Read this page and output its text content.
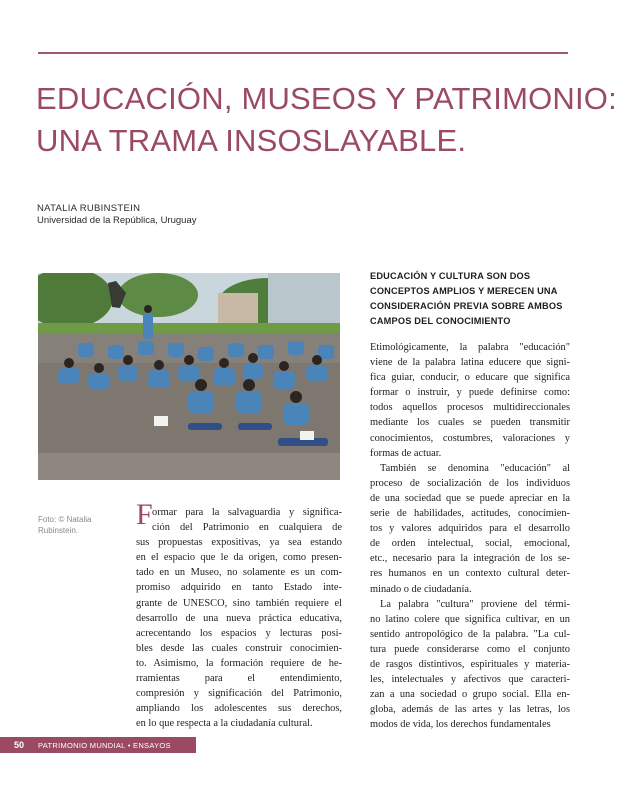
EDUCACIÓN, MUSEOS Y PATRIMONIO:
UNA TRAMA INSOSLAYABLE.
NATALIA RUBINSTEIN
Universidad de la República, Uruguay
Foto: © Natalia
Rubinstein.
EDUCACIÓN Y CULTURA SON DOS
CONCEPTOS AMPLIOS Y MERECEN UNA
CONSIDERACIÓN PREVIA SOBRE AMBOS
CAMPOS DEL CONOCIMIENTO
Etimológicamente, la palabra "educación"
viene de la palabra latina educere que signi-
fica guiar, conducir, o educare que significa
formar o instruir, y puede definirse como:
todos aquellos procesos multidireccionales
mediante los cuales se pueden transmitir
conocimientos, costumbres, valoraciones y
formas de actuar.
También se denomina "educación" al
proceso de socialización de los individuos
de una sociedad que se puede apreciar en la
serie de habilidades, actitudes, conocimien-
tos y valores adquiridos para el desarrollo
de orden intelectual, social, emocional,
etc., necesario para la integración de los se-
res humanos en un contexto cultural deter-
minado o de ciudadanía.
La palabra "cultura" proviene del térmi-
no latino colere que significa cultivar, en un
sentido antropológico de la palabra. "La cul-
tura puede considerarse como el conjunto
de rasgos distintivos, espirituales y materia-
les, intelectuales y afectivos que caracteri-
zan a una sociedad o grupo social. Ella en-
globa, además de las artes y las letras, los
modos de vida, los derechos fundamentales
F ormar para la salvaguardia y significa-
ción del Patrimonio en cualquiera de
sus propuestas expositivas, ya sea estando
en el espacio que le da origen, como presen-
tado en un Museo, no solamente es un com-
promiso adquirido en tanto Estado inte-
grante de UNESCO, sino también requiere el
desarrollo de una nueva práctica educativa,
acrecentando los espacios y lecturas posi-
bles desde las cuales construir conocimien-
to. Asimismo, la formación requiere de he-
rramientas para el entendimiento,
compresión y significación del Patrimonio,
ampliando los adolescentes sus derechos,
en lo que respecta a la ciudadanía cultural.
50 PATRIMONIO MUNDIAL • ENSAYOS
